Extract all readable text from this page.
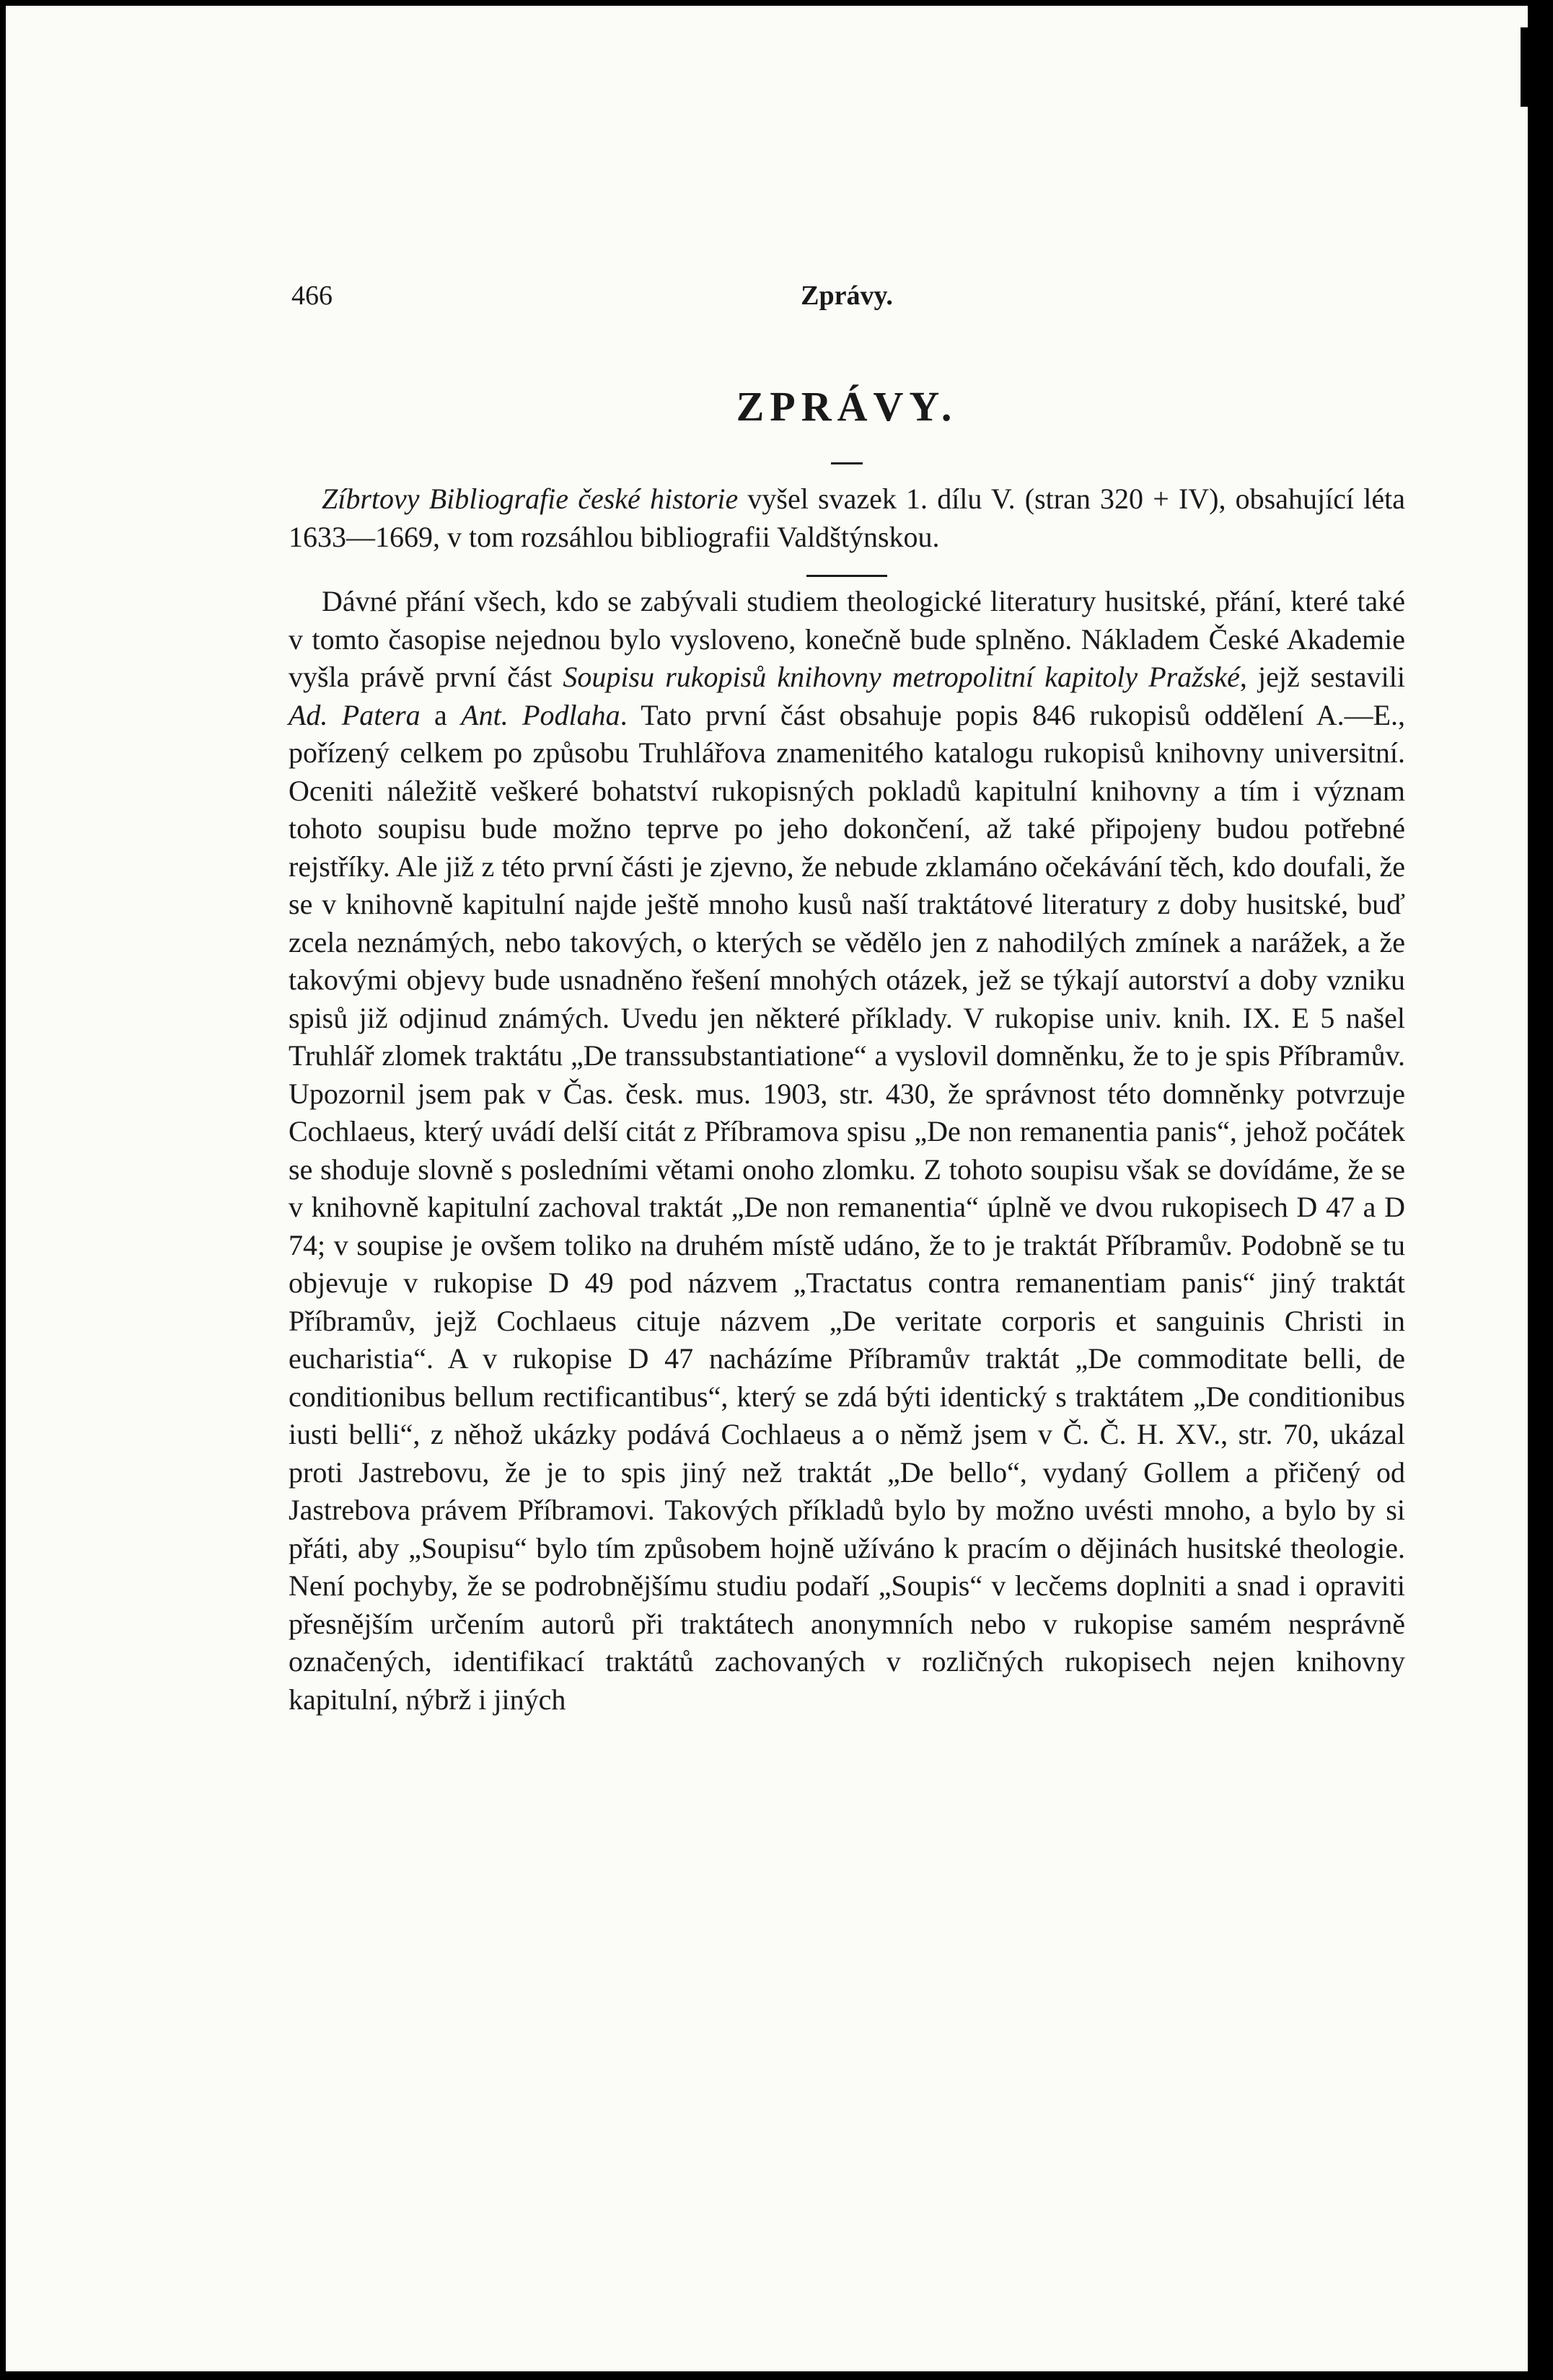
466	Zprávy.
ZPRÁVY.

Zíbrtovy Bibliografie české historie vyšel svazek 1. dílu V. (stran 320 + IV), obsahující léta 1633—1669, v tom rozsáhlou bibliografii Valdštýnskou.

Dávné přání všech, kdo se zabývali studiem theologické literatury husitské, přání, které také v tomto časopise nejednou bylo vysloveno, konečně bude splněno. Nákladem České Akademie vyšla právě první část Soupisu rukopisů knihovny metropolitní kapitoly Pražské, jejž sestavili Ad. Patera a Ant. Podlaha. Tato první část obsahuje popis 846 rukopisů oddělení A.—E., pořízený celkem po způsobu Truhlářova znamenitého katalogu rukopisů knihovny universitní. Oceniti náležitě veškeré bohatství rukopisných pokladů kapitulní knihovny a tím i význam tohoto soupisu bude možno teprve po jeho dokončení, až také připojeny budou potřebné rejstříky. Ale již z této první části je zjevno, že nebude zklamáno očekávání těch, kdo doufali, že se v knihovně kapitulní najde ještě mnoho kusů naší traktátové literatury z doby husitské, buď zcela neznámých, nebo takových, o kterých se vědělo jen z nahodilých zmínek a narážek, a že takovými objevy bude usnadněno řešení mnohých otázek, jež se týkají autorství a doby vzniku spisů již odjinud známých. Uvedu jen některé příklady. V rukopise univ. knih. IX. E 5 našel Truhlář zlomek traktátu „De transsubstantiatione“ a vyslovil domněnku, že to je spis Příbramův. Upozornil jsem pak v Čas. česk. mus. 1903, str. 430, že správnost této domněnky potvrzuje Cochlaeus, který uvádí delší citát z Příbramova spisu „De non remanentia panis“, jehož počátek se shoduje slovně s posledními větami onoho zlomku. Z tohoto soupisu však se dovídáme, že se v knihovně kapitulní zachoval traktát „De non remanentia“ úplně ve dvou rukopisech D 47 a D 74; v soupise je ovšem toliko na druhém místě udáno, že to je traktát Příbramův. Podobně se tu objevuje v rukopise D 49 pod názvem „Tractatus contra remanentiam panis“ jiný traktát Příbramův, jejž Cochlaeus cituje názvem „De veritate corporis et sanguinis Christi in eucharistia“. A v rukopise D 47 nacházíme Příbramův traktát „De commoditate belli, de conditionibus bellum rectificantibus“, který se zdá býti identický s traktátem „De conditionibus iusti belli“, z něhož ukázky podává Cochlaeus a o němž jsem v Č. Č. H. XV., str. 70, ukázal proti Jastrebovu, že je to spis jiný než traktát „De bello“, vydaný Gollem a přičený od Jastrebova právem Příbramovi. Takových příkladů bylo by možno uvésti mnoho, a bylo by si přáti, aby „Soupisu“ bylo tím způsobem hojně užíváno k pracím o dějinách husitské theologie. Není pochyby, že se podrobnějšímu studiu podaří „Soupis“ v lecčems doplniti a snad i opraviti přesnějším určením autorů při traktátech anonymních nebo v rukopise samém nesprávně označených, identifikací traktátů zachovaných v rozličných rukopisech nejen knihovny kapitulní, nýbrž i jiných
